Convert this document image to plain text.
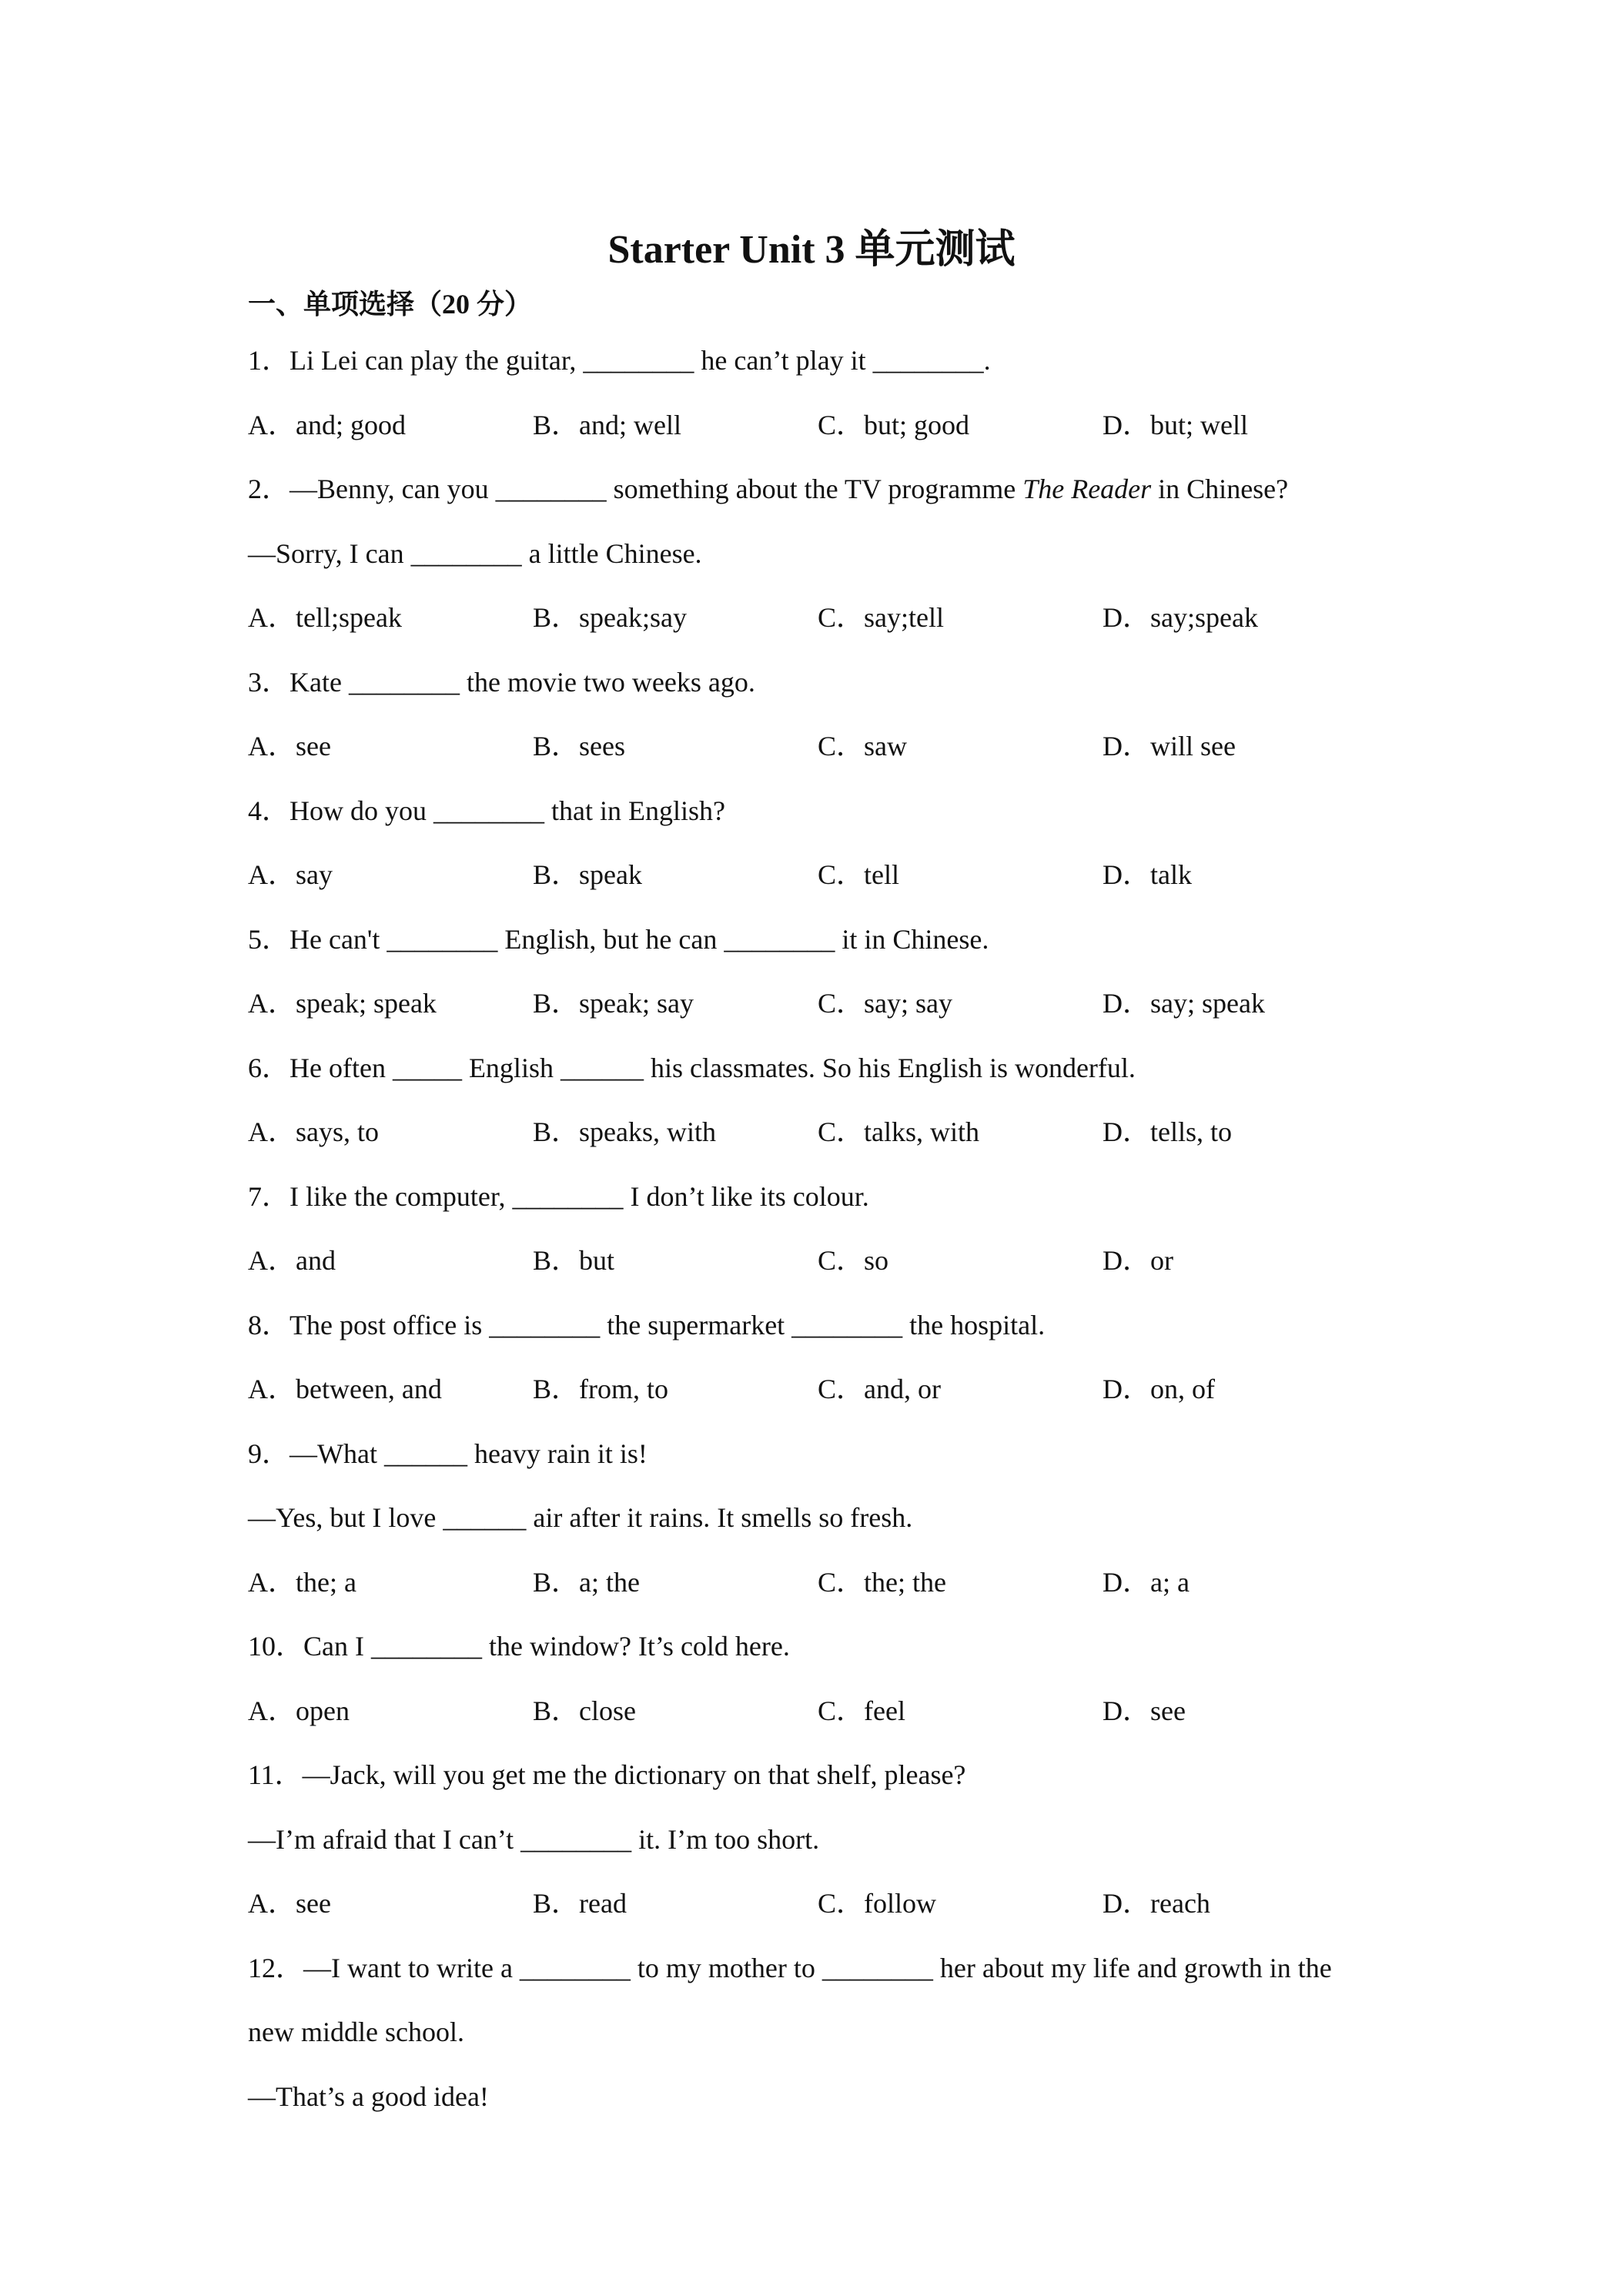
Starter Unit 3 单元测试
一、单项选择（20 分）
1．Li Lei can play the guitar, ________ he can’t play it ________.
A．and; good	B．and; well	C．but; good	D．but; well
2．―Benny, can you ________ something about the TV programme The Reader in Chinese?
―Sorry, I can ________ a little Chinese.
A．tell;speak	B．speak;say	C．say;tell	D．say;speak
3．Kate ________ the movie two weeks ago.
A．see	B．sees	C．saw	D．will see
4．How do you ________ that in English?
A．say	B．speak	C．tell	D．talk
5．He can't ________ English, but he can ________ it in Chinese.
A．speak; speak	B．speak; say	C．say; say	D．say; speak
6．He often _____ English ______ his classmates. So his English is wonderful.
A．says, to	B．speaks, with	C．talks, with	D．tells, to
7．I like the computer, ________ I don’t like its colour.
A．and	B．but	C．so	D．or
8．The post office is ________ the supermarket ________ the hospital.
A．between, and	B．from, to	C．and, or	D．on, of
9．—What ______ heavy rain it is!
—Yes, but I love ______ air after it rains. It smells so fresh.
A．the; a	B．a; the	C．the; the	D．a; a
10．Can I ________ the window? It’s cold here.
A．open	B．close	C．feel	D．see
11．—Jack, will you get me the dictionary on that shelf, please?
—I’m afraid that I can’t ________ it. I’m too short.
A．see	B．read	C．follow	D．reach
12．—I want to write a ________ to my mother to ________ her about my life and growth in the
new middle school.
—That’s a good idea!
